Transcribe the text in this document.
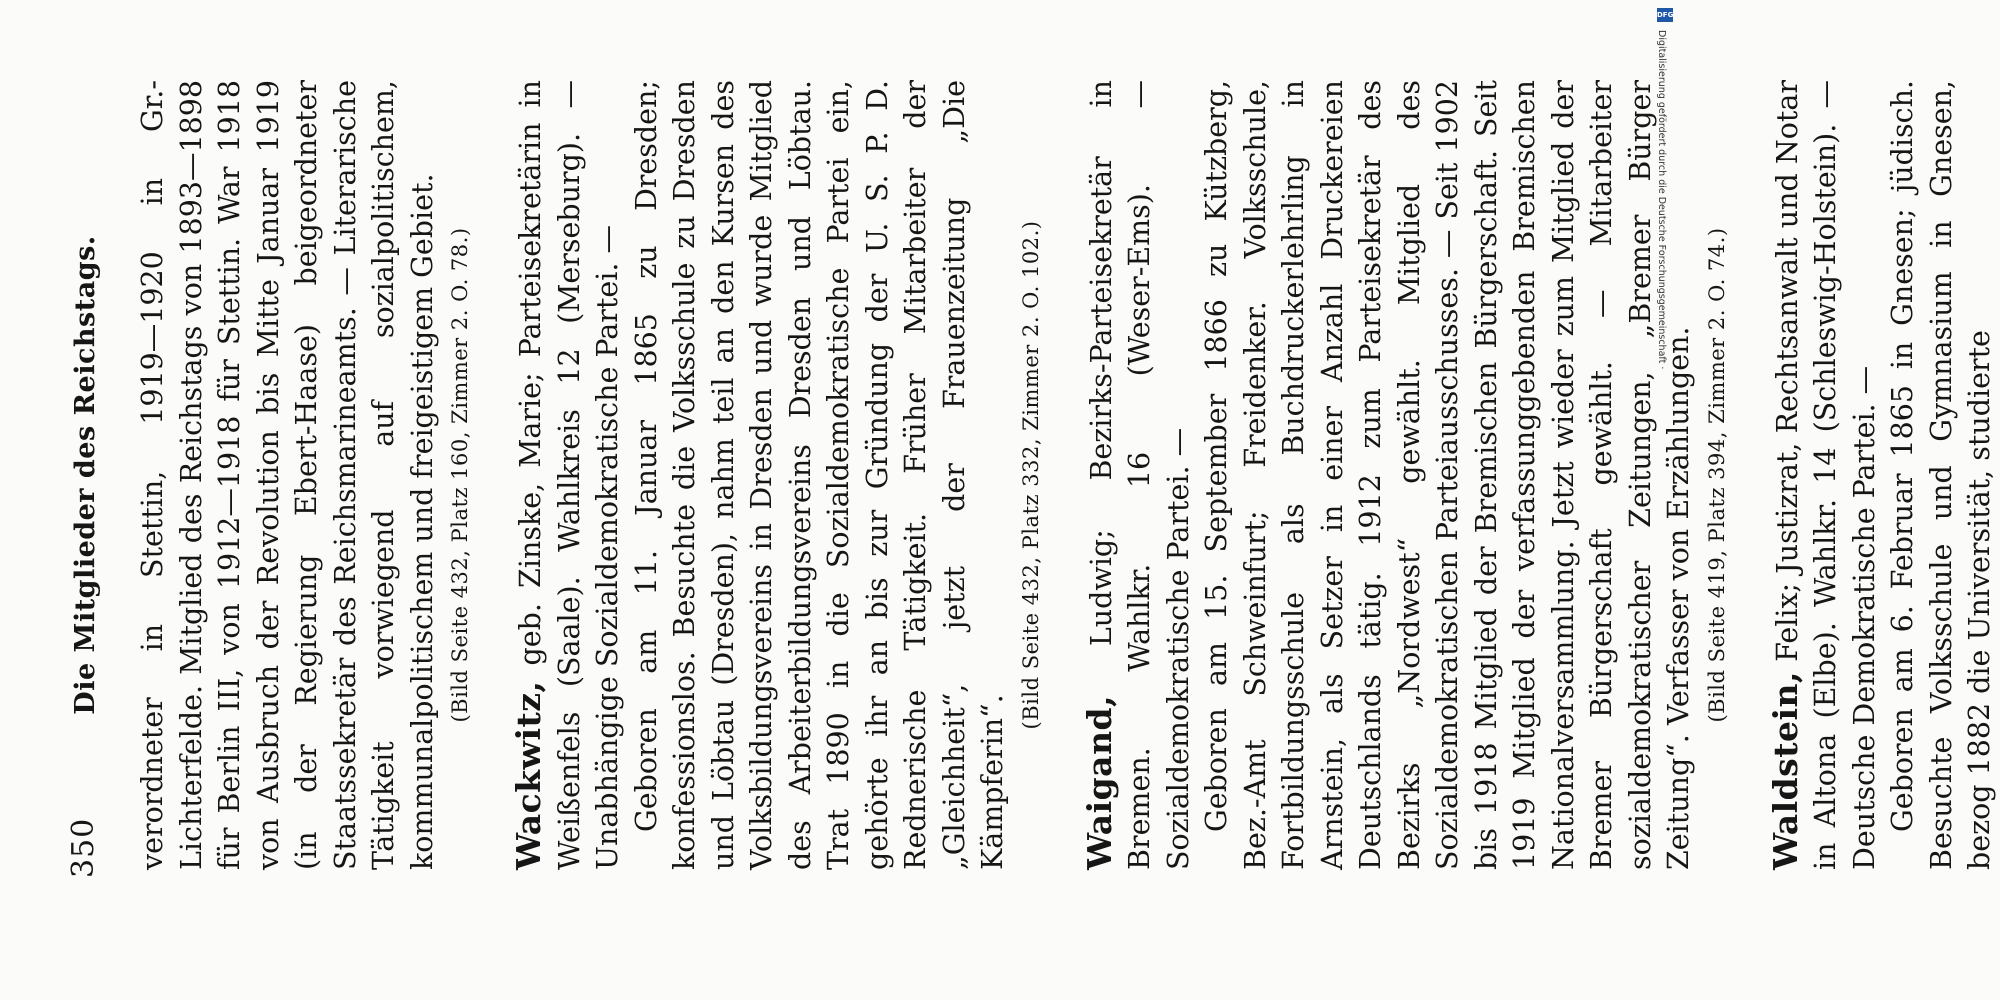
350
Die Mitglieder des Reichstags. verordneter in Stettin, 1919—1920 in Gr.-Lichterfelde. Mitglied des Reichstags von 1893—1898 für Berlin III, von 1912—1918 für Stettin. War 1918 von Ausbruch der Revolution bis Mitte Januar 1919 (in der Regierung Ebert-Haase) beigeordneter Staatssekretär des Reichsmarineamts. — Literarische Tätigkeit vorwiegend auf sozialpolitischem, kommunalpolitischem und freigeistigem Gebiet. (Bild Seite 432, Platz 160, Zimmer 2. O. 78.)

Wackwitz, geb. Zinske, Marie; Parteisekretärin in Weißenfels (Saale). Wahlkreis 12 (Merseburg). — Unabhängige Sozialdemokratische Partei. — Geboren am 11. Januar 1865 zu Dresden; konfessionslos. Besuchte die Volksschule zu Dresden und Löbtau (Dresden), nahm teil an den Kursen des Volksbildungsvereins in Dresden und wurde Mitglied des Arbeiterbildungsvereins Dresden und Löbtau. Trat 1890 in die Sozialdemokratische Partei ein, gehörte ihr an bis zur Gründung der U. S. P. D. Rednerische Tätigkeit. Früher Mitarbeiter der „Gleichheit“, jetzt der Frauenzeitung „Die Kämpferin“.

(Bild Seite 432, Platz 332, Zimmer 2. O. 102.)

Waigand, Ludwig; Bezirks-Parteisekretär in Bremen. Wahlkr. 16 (Weser-Ems). — Sozialdemokratische Partei. — Geboren am 15. September 1866 zu Kützberg, Bez.-Amt Schweinfurt; Freidenker. Volksschule, Fortbildungsschule als Buchdruckerlehrling in Arnstein, als Setzer in einer Anzahl Druckereien Deutschlands tätig. 1912 zum Parteisekretär des Bezirks „Nordwest“ gewählt. Mitglied des Sozialdemokratischen Parteiausschusses. — Seit 1902 bis 1918 Mitglied der Bremischen Bürgerschaft. Seit 1919 Mitglied der verfassunggebenden Bremischen Nationalversammlung. Jetzt wieder zum Mitglied der Bremer Bürgerschaft gewählt. — Mitarbeiter sozialdemokratischer Zeitungen, „Bremer Bürger Zeitung“. Verfasser von Erzählungen. (Bild Seite 419, Platz 394, Zimmer 2. O. 74.)

Waldstein, Felix; Justizrat, Rechtsanwalt und Notar in Altona (Elbe). Wahlkr. 14 (Schleswig-Holstein). — Deutsche Demokratische Partei. — Geboren am 6. Februar 1865 in Gnesen; jüdisch. Besuchte Volksschule und Gymnasium in Gnesen, bezog 1882 die Universität, studierte

DFG
Digitalisierung gefördert durch die Deutsche Forschungsgemeinschaft ·
